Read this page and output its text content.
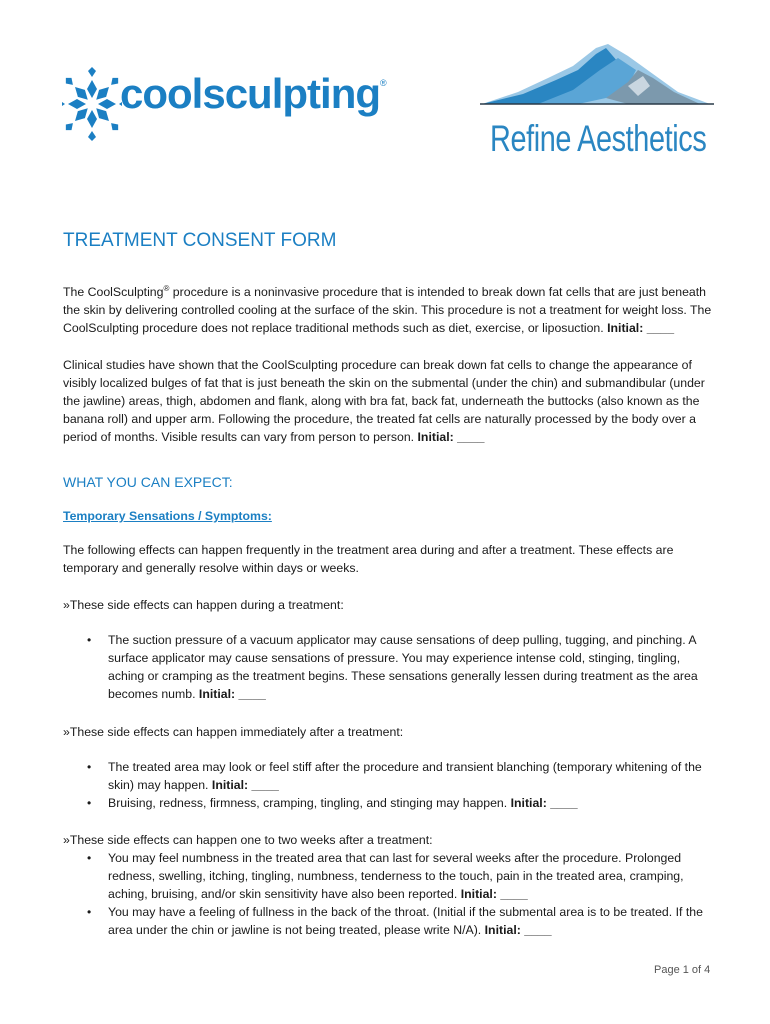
coolsculpting®
Refine Aesthetics
TREATMENT CONSENT FORM

The CoolSculpting® procedure is a noninvasive procedure that is intended to break down fat cells that are just beneath the skin by delivering controlled cooling at the surface of the skin. This procedure is not a treatment for weight loss. The CoolSculpting procedure does not replace traditional methods such as diet, exercise, or liposuction. Initial: ____

Clinical studies have shown that the CoolSculpting procedure can break down fat cells to change the appearance of visibly localized bulges of fat that is just beneath the skin on the submental (under the chin) and submandibular (under the jawline) areas, thigh, abdomen and flank, along with bra fat, back fat, underneath the buttocks (also known as the banana roll) and upper arm. Following the procedure, the treated fat cells are naturally processed by the body over a period of months. Visible results can vary from person to person. Initial: ____

WHAT YOU CAN EXPECT:
Temporary Sensations / Symptoms:

The following effects can happen frequently in the treatment area during and after a treatment. These effects are temporary and generally resolve within days or weeks.

»These side effects can happen during a treatment:

• The suction pressure of a vacuum applicator may cause sensations of deep pulling, tugging, and pinching. A surface applicator may cause sensations of pressure. You may experience intense cold, stinging, tingling, aching or cramping as the treatment begins. These sensations generally lessen during treatment as the area becomes numb. Initial: ____

»These side effects can happen immediately after a treatment:

• The treated area may look or feel stiff after the procedure and transient blanching (temporary whitening of the skin) may happen. Initial: ____
• Bruising, redness, firmness, cramping, tingling, and stinging may happen. Initial: ____

»These side effects can happen one to two weeks after a treatment:

• You may feel numbness in the treated area that can last for several weeks after the procedure. Prolonged redness, swelling, itching, tingling, numbness, tenderness to the touch, pain in the treated area, cramping, aching, bruising, and/or skin sensitivity have also been reported. Initial: ____
• You may have a feeling of fullness in the back of the throat. (Initial if the submental area is to be treated. If the area under the chin or jawline is not being treated, please write N/A). Initial: ____
Page 1 of 4
